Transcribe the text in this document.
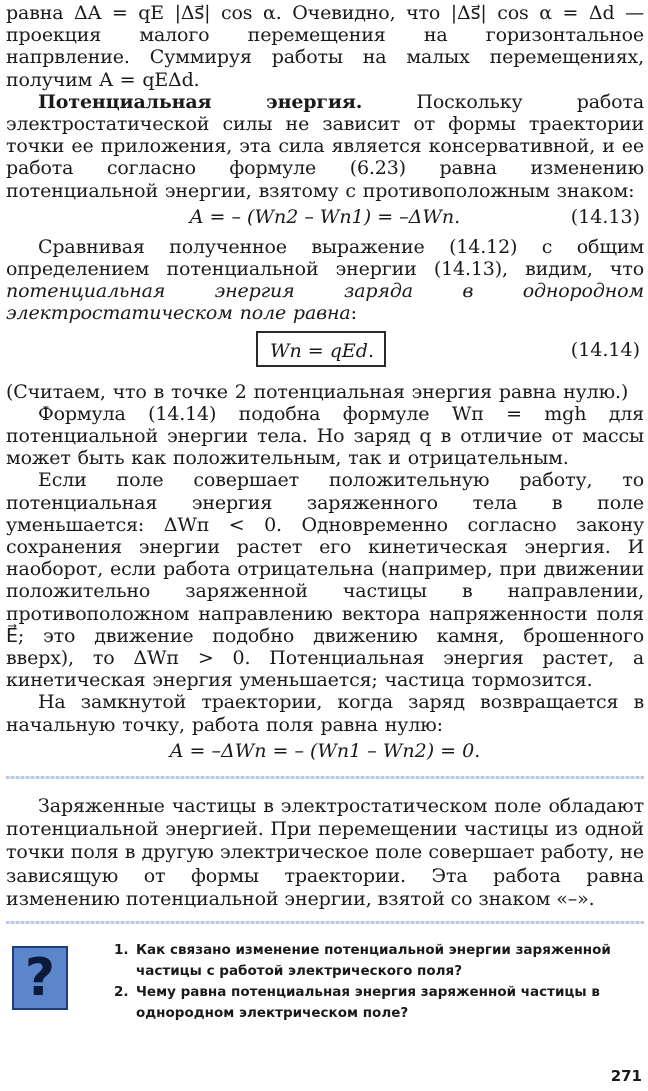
равна ΔA = qE |Δs⃗| cos α. Очевидно, что |Δs⃗| cos α = Δd — проекция малого перемещения на горизонтальное напрвление. Суммируя работы на малых перемещениях, получим A = qEΔd.

Потенциальная энергия. Поскольку работа электростатической силы не зависит от формы траектории точки ее приложения, эта сила является консервативной, и ее работа согласно формуле (6.23) равна изменению потенциальной энергии, взятому с противоположным знаком:

A = – (Wп2 – Wп1) = –ΔWп.	(14.13)

Сравнивая полученное выражение (14.12) с общим определением потенциальной энергии (14.13), видим, что потенциальная энергия заряда в однородном электростатическом поле равна:

Wп = qEd.	(14.14)

(Считаем, что в точке 2 потенциальная энергия равна нулю.)

Формула (14.14) подобна формуле Wп = mgh для потенциальной энергии тела. Но заряд q в отличие от массы может быть как положительным, так и отрицательным.

Если поле совершает положительную работу, то потенциальная энергия заряженного тела в поле уменьшается: ΔWп < 0. Одновременно согласно закону сохранения энергии растет его кинетическая энергия. И наоборот, если работа отрицательна (например, при движении положительно заряженной частицы в направлении, противоположном направлению вектора напряженности поля E⃗; это движение подобно движению камня, брошенного вверх), то ΔWп > 0. Потенциальная энергия растет, а кинетическая энергия уменьшается; частица тормозится.

На замкнутой траектории, когда заряд возвращается в начальную точку, работа поля равна нулю:

A = –ΔWп = – (Wп1 – Wп2) = 0.

Заряженные частицы в электростатическом поле обладают потенциальной энергией. При перемещении частицы из одной точки поля в другую электрическое поле совершает работу, не зависящую от формы траектории. Эта работа равна изменению потенциальной энергии, взятой со знаком «–».

?	1. Как связано изменение потенциальной энергии заряженной частицы с работой электрического поля?
2. Чему равна потенциальная энергия заряженной частицы в однородном электрическом поле?
271
